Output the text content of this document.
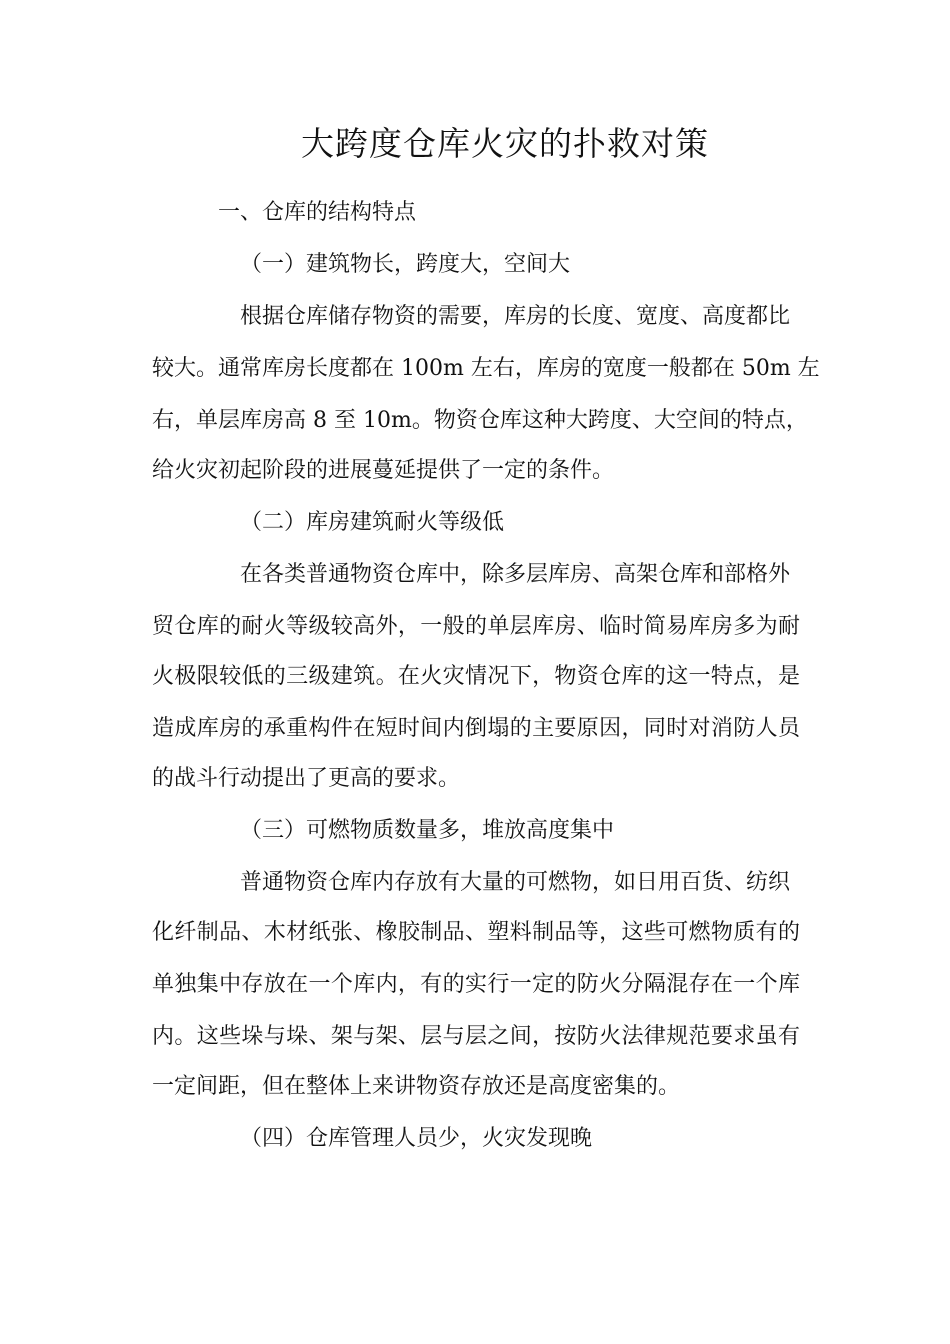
大跨度仓库火灾的扑救对策
一、仓库的结构特点
（一）建筑物长，跨度大，空间大
根据仓库储存物资的需要，库房的长度、宽度、高度都比
较大。通常库房长度都在 100m 左右，库房的宽度一般都在 50m 左
右，单层库房高 8 至 10m。物资仓库这种大跨度、大空间的特点，
给火灾初起阶段的进展蔓延提供了一定的条件。
（二）库房建筑耐火等级低
在各类普通物资仓库中，除多层库房、高架仓库和部格外
贸仓库的耐火等级较高外，一般的单层库房、临时简易库房多为耐
火极限较低的三级建筑。在火灾情况下，物资仓库的这一特点，是
造成库房的承重构件在短时间内倒塌的主要原因，同时对消防人员
的战斗行动提出了更高的要求。
（三）可燃物质数量多，堆放高度集中
普通物资仓库内存放有大量的可燃物，如日用百货、纺织
化纤制品、木材纸张、橡胶制品、塑料制品等，这些可燃物质有的
单独集中存放在一个库内，有的实行一定的防火分隔混存在一个库
内。这些垛与垛、架与架、层与层之间，按防火法律规范要求虽有
一定间距，但在整体上来讲物资存放还是高度密集的。
（四）仓库管理人员少，火灾发现晚
